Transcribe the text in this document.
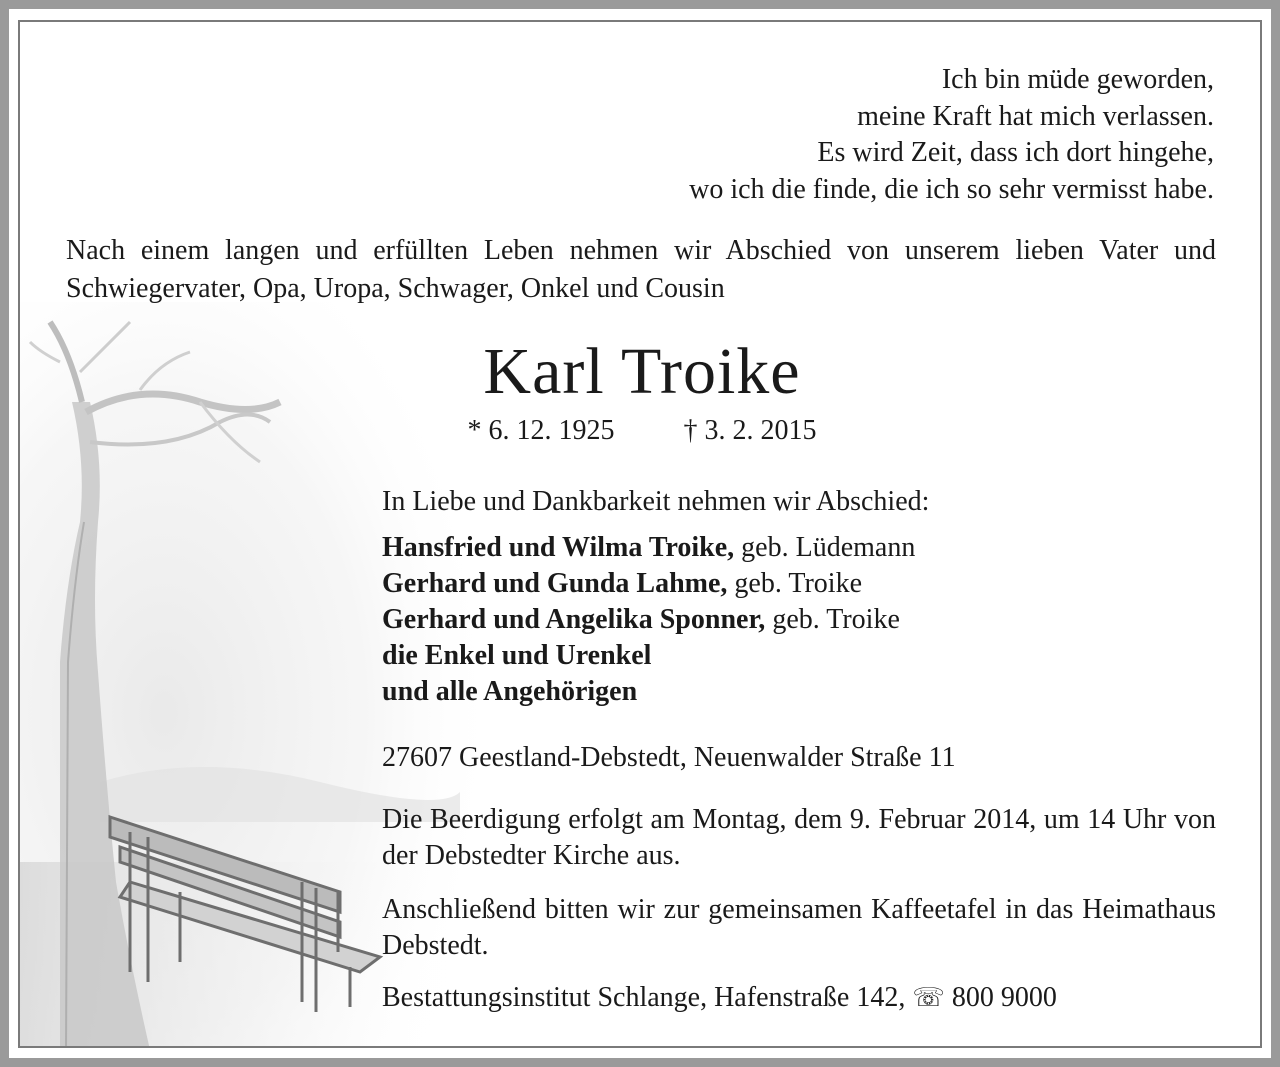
Ich bin müde geworden,
meine Kraft hat mich verlassen.
Es wird Zeit, dass ich dort hingehe,
wo ich die finde, die ich so sehr vermisst habe.
Nach einem langen und erfüllten Leben nehmen wir Abschied von unserem lieben Vater und Schwiegervater, Opa, Uropa, Schwager, Onkel und Cousin
Karl Troike
* 6. 12. 1925 † 3. 2. 2015

In Liebe und Dankbarkeit nehmen wir Abschied:

Hansfried und Wilma Troike, geb. Lüdemann
Gerhard und Gunda Lahme, geb. Troike
Gerhard und Angelika Sponner, geb. Troike
die Enkel und Urenkel
und alle Angehörigen

27607 Geestland-Debstedt, Neuenwalder Straße 11

Die Beerdigung erfolgt am Montag, dem 9. Februar 2014, um 14 Uhr von der Debstedter Kirche aus.

Anschließend bitten wir zur gemeinsamen Kaffeetafel in das Heimathaus Debstedt.

Bestattungsinstitut Schlange, Hafenstraße 142, ☏ 800 9000
